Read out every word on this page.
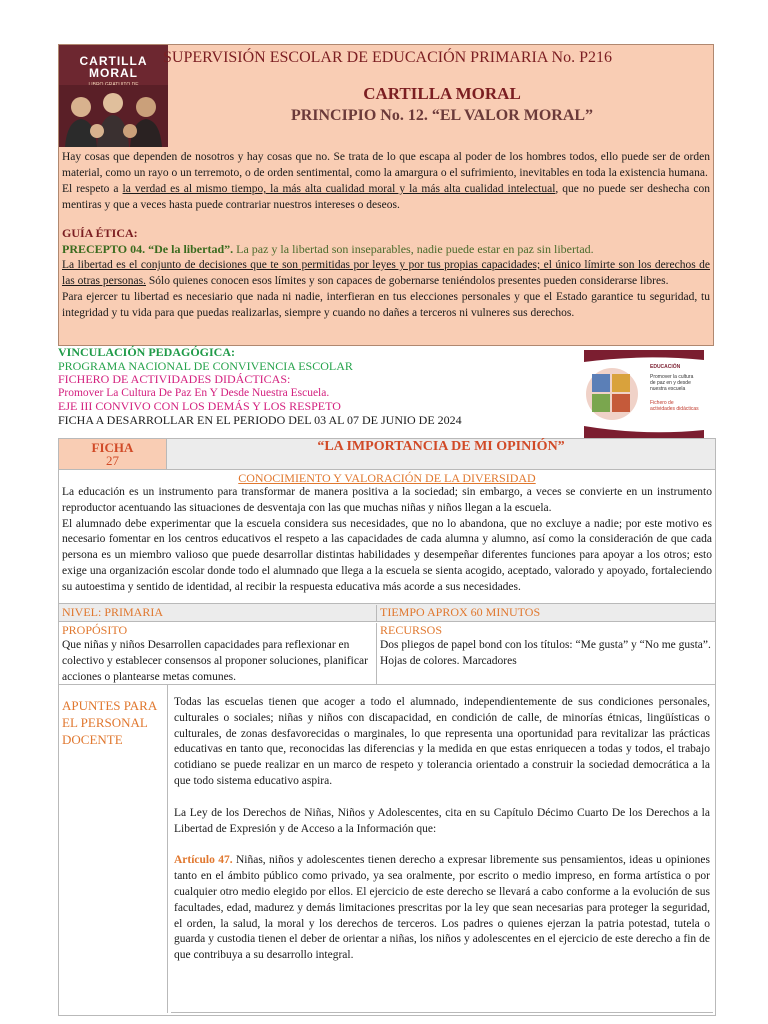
CARTILLA
MORAL
SUPERVISIÓN ESCOLAR DE EDUCACIÓN PRIMARIA No. P216
CARTILLA MORAL
PRINCIPIO No. 12. “EL VALOR MORAL”
Hay cosas que dependen de nosotros y hay cosas que no. Se trata de lo que escapa al poder de los hombres todos, ello puede ser de orden material, como un rayo o un terremoto, o de orden sentimental, como la amargura o el sufrimiento, inevitables en toda la existencia humana.
El respeto a la verdad es al mismo tiempo, la más alta cualidad moral y la más alta cualidad intelectual, que no puede ser deshecha con mentiras y que a veces hasta puede contrariar nuestros intereses o deseos.
GUÍA ÉTICA:
PRECEPTO 04. “De la libertad”. La paz y la libertad son inseparables, nadie puede estar en paz sin libertad.
La libertad es el conjunto de decisiones que te son permitidas por leyes y por tus propias capacidades; el único límirte son los derechos de las otras personas. Sólo quienes conocen esos límites y son capaces de gobernarse teniéndolos presentes pueden considerarse libres.
Para ejercer tu libertad es necesiario que nada ni nadie, interfieran en tus elecciones personales y que el Estado garantice tu seguridad, tu integridad y tu vida para que puedas realizarlas, siempre y cuando no dañes a terceros ni vulneres sus derechos.
VINCULACIÓN PEDAGÓGICA:
PROGRAMA NACIONAL DE CONVIVENCIA ESCOLAR
FICHERO DE ACTIVIDADES DIDÁCTICAS:
Promover La Cultura De Paz En Y Desde Nuestra Escuela.
EJE III CONVIVO CON LOS DEMÁS Y LOS RESPETO
FICHA A DESARROLLAR EN EL PERIODO DEL 03 AL 07 DE JUNIO DE 2024
EDUCACIÓN
Promover la cultura de paz en y desde nuestra escuela
Fichero de actividades didácticas
FICHA
27
“LA IMPORTANCIA DE MI OPINIÓN”
CONOCIMIENTO Y VALORACIÓN DE LA DIVERSIDAD
La educación es un instrumento para transformar de manera positiva a la sociedad; sin embargo, a veces se convierte en un instrumento reproductor acentuando las situaciones de desventaja con las que muchas niñas y niños llegan a la escuela.
El alumnado debe experimentar que la escuela considera sus necesidades, que no lo abandona, que no excluye a nadie; por este motivo es necesario fomentar en los centros educativos el respeto a las capacidades de cada alumna y alumno, así como la consideración de que cada persona es un miembro valioso que puede desarrollar distintas habilidades y desempeñar diferentes funciones para apoyar a los otros; esto exige una organización escolar donde todo el alumnado que llega a la escuela se sienta acogido, aceptado, valorado y apoyado, fortaleciendo su autoestima y sentido de identidad, al recibir la respuesta educativa más acorde a sus necesidades.
NIVEL: PRIMARIA	TIEMPO APROX 60 MINUTOS
PROPÓSITO
Que niñas y niños Desarrollen capacidades para reflexionar en colectivo y establecer consensos al proponer soluciones, planificar acciones o plantearse metas comunes.
RECURSOS
Dos pliegos de papel bond con los títulos: “Me gusta” y “No me gusta”.
Hojas de colores. Marcadores
APUNTES PARA EL PERSONAL DOCENTE
Todas las escuelas tienen que acoger a todo el alumnado, independientemente de sus condiciones personales, culturales o sociales; niñas y niños con discapacidad, en condición de calle, de minorías étnicas, lingüísticas o culturales, de zonas desfavorecidas o marginales, lo que representa una oportunidad para revitalizar las prácticas educativas en tanto que, reconocidas las diferencias y la medida en que estas enriquecen a todas y todos, el trabajo cotidiano se puede realizar en un marco de respeto y tolerancia orientado a construir la sociedad democrática a la que todo sistema educativo aspira.
La Ley de los Derechos de Niñas, Niños y Adolescentes, cita en su Capítulo Décimo Cuarto De los Derechos a la Libertad de Expresión y de Acceso a la Información que:
Artículo 47. Niñas, niños y adolescentes tienen derecho a expresar libremente sus pensamientos, ideas u opiniones tanto en el ámbito público como privado, ya sea oralmente, por escrito o medio impreso, en forma artística o por cualquier otro medio elegido por ellos. El ejercicio de este derecho se llevará a cabo conforme a la evolución de sus facultades, edad, madurez y demás limitaciones prescritas por la ley que sean necesarias para proteger la seguridad, el orden, la salud, la moral y los derechos de terceros. Los padres o quienes ejerzan la patria potestad, tutela o guarda y custodia tienen el deber de orientar a niñas, los niños y adolescentes en el ejercicio de este derecho a fin de que contribuya a su desarrollo integral.
